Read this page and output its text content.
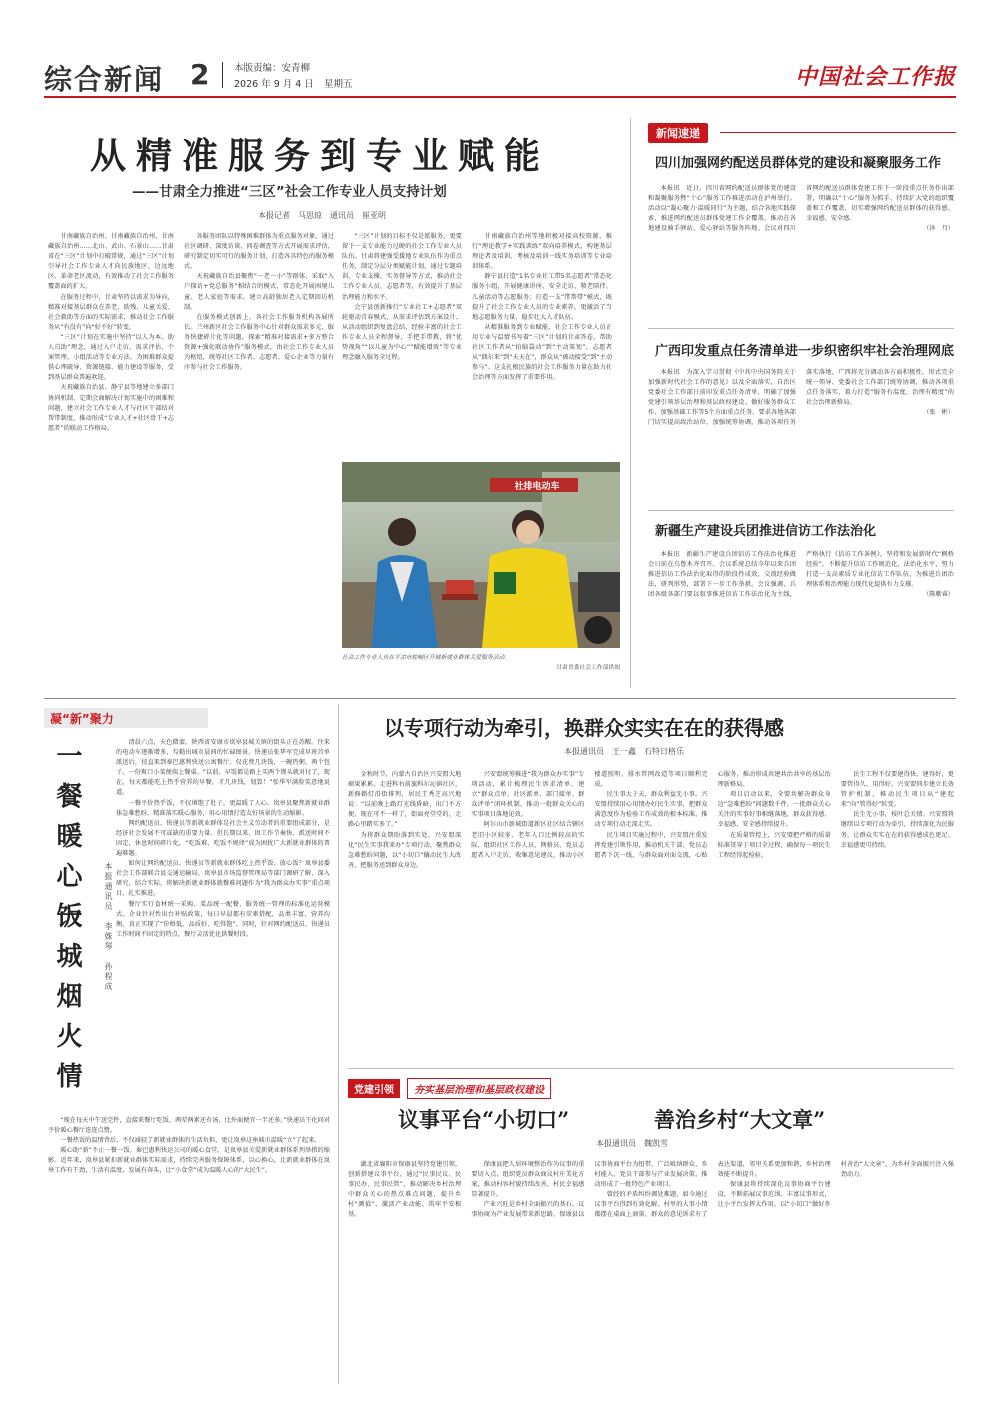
综合新闻 2 本版责编：安青柳
2026 年 9 月 4 日 星期五	中国社会工作报
从精准服务到专业赋能
——甘肃全力推进“三区”社会工作专业人员支持计划
本报记者　马思琼　通讯员　崔亚明

甘南藏族自治州、甘南藏族自治州、甘南藏族自治州……北山、武山、石景山……甘肃省在“三区”计划中打破常规，通过“三区”计划引导社会工作专业人才向民族地区、边远地区、革命老区流动，有效推动了社会工作服务覆盖面的扩大。

在服务过程中，甘肃坚持以需求为导向，精准对接基层群众在养老、助残、儿童关爱、社会救助等方面的实际需求，推动社会工作服务从“有没有”向“好不好”转变。

“三区”计划在实施中坚持“以人为本、助人自助”理念，通过入户走访、需求评估、个案管理、小组活动等专业方法，为困难群众提供心理疏导、资源链接、能力建设等服务，受到基层群众普遍欢迎。

天祝藏族自治县、静宁县等地建立多部门协同机制，定期会商解决计划实施中的困难和问题，建立社会工作专业人才与社区干部结对帮带制度，推动形成“专业人才+社区骨干+志愿者”的联动工作格局。

各服务团队以特殊困难群体为重点服务对象，通过社区调研、深度访谈、问卷调查等方式开展需求评估，研究制定切实可行的服务计划，打造各具特色的服务模式。

天祝藏族自治县聚焦“一老一小”等群体，采取“入户探访+党总服务”相结合的模式，常态化开展困境儿童、老人家庭等需求，建立高龄独居老人定期回访机制。

在服务模式创新上，各社会工作服务机构各展所长。兰州新区社会工作服务中心针对群众需求多元、服务快捷碎片化等问题，探索“精准对接需求+多方整合资源+强化联动协作”服务模式，由社会工作专业人员为枢纽，统筹社区工作者、志愿者、爱心企业等力量有序参与社会工作服务。

“三区”计划的目标不仅是派服务，更要留下一支专业能力过硬的社会工作专业人员队伍。甘肃将建强受援地专业队伍作为重点任务，制定分层分类赋能计划，通过专题培训、专业支撑、实务督导等方式，推动社会工作专业人员、志愿者等，有效提升了基层治理能力和水平。

会宁县创新推行“专业社工+志愿者”双轮驱动青春模式，从需求评估到方案设计、从活动组织到复盘总结，经验丰富的社会工作专业人员全程督导、手把手带教，将“优势视角”“以儿童为中心”“赋能增效”等专业理念融入服务全过程。

甘南藏族自治州等地积极对接高校资源，推行“理论教学+实践训练”双向培养模式，构建基层理论者及培训、考核及培训一线实务培训等专业培训体系。

静宁县打造“1名专业社工带5名志愿者”常态化服务小组，开展健康讲座、安全走访、敬老陪伴、儿童活动等志愿服务；打造一支“带帮带”模式，既提升了社会工作专业人员的专业素养，更激活了当地志愿服务力量，稳步壮大人才队伍。

从精准服务到专业赋能，社会工作专业人员正用专业与温情书写着“三区”计划的甘肃答卷，帮助社区工作者从“拍脑袋动”到“主动策划”，志愿者从“偶尔来”到“天天在”，群众从“被动接受”到“主动参与”。这支扎根民族的社会工作服务力量在助力社会治理等方面发挥了重要作用。

社排电动车
社会工作专业人员在平凉市崆峒区开展新就业群体关爱服务活动。
甘肃省委社会工作部供图
新闻速递
四川加强网约配送员群体党的建设和凝聚服务工作

本报讯　近日，四川省网约配送员群体党的建设和凝聚服务暨“十心”服务工作推进活动在泸州举行。活动以“凝心聚力·温暖同行”为主题，结合各地实践探索，推进网约配送员群体党建工作全覆盖，推动在各地建设骑手驿站、爱心驿站等服务阵地。会议对四川省网约配送员群体党建工作下一阶段重点任务作出部署，明确以“十心”服务为抓手，持续扩大党的组织覆盖和工作覆盖，切实增强网约配送员群体的获得感、幸福感、安全感。

（沐　月）
广西印发重点任务清单进一步织密织牢社会治理网底

本报讯　为深入学习贯彻《中共中央国务院关于加强新时代社会工作的意见》以及全面落实，自治区党委社会工作部日前印发重点任务清单，明确了加强党建引领基层治理和基层政权建设、做好服务群众工作、加强基础工作等5个方面重点任务。要求各地各部门切实提高政治站位，加强统筹协调，推动各项任务落实落地。广西将充分调动各方面积极性，形式完全统一领导、党委社会工作部门统筹协调，推动各项重点任务落实，着力打造“服务有温度、治理有精度”的社会治理新格局。

（张　彬）
新疆生产建设兵团推进信访工作法治化

本报讯　新疆生产建设兵团信访工作法治化推进会日前在乌鲁木齐召开。会议系统总结今年以来兵团推进信访工作法治化取得的阶段性成效，交流经验做法，研判形势，部署下一步工作举措。会议强调，兵团各级各部门要以叙事推进信访工作法治化为主线，严格执行《信访工作条例》，坚持和发展新时代“枫桥经验”，不断提升信访工作规范化、法治化水平，努力打造一支高素质专业化信访工作队伍，为推进兵团治理体系和治理能力现代化提供有力支撑。

（陈紫睿）
凝“新”聚力
一餐暖心饭
一城烟火情	本报通讯员　李姝琴　孙程成

清晨六点，天色微蒙，陕西省安康市岚皋县城关镇的街头正在苏醒。往来的电动车逐渐增多，勾勒出城市晨间的忙碌图景。快递员张华军完成早班首单派送后，径直来到秦巴惠利快送公寓餐厅。仅花费几块钱，一碗热粥、两个包子、一份爽口小菜便端上餐桌。“以前，早饭都是路上买两个馒头就对付了，现在，每天都能吃上热乎营养的早餐，才几块钱，划算！”张华军满脸笑意地说道。

一餐平价热乎饭，不仅填饱了肚子，更温暖了人心。岚皋县聚焦新就业群体急难愁盼，精准落实暖心服务，用心用情打造友好场景的生动缩影。

网约配送员、快递员等新就业群体是社会主义劳动者的重要组成部分，是经济社会发展不可或缺的重要力量。但长期以来，因工作节奏快、派送时间不固定，休息时间碎片化，“吃饭难、吃饭不规律”成为困扰广大新就业群体的普遍难题。

如何让网约配送员、快递员等新就业群体吃上热乎饭、放心饭？岚皋县委社会工作部联合县交通运输局、岚皋县市场监督管理局等部门调研了解，深入研究，结合实际，将解决新就业群体就餐难问题作为“我为群众办实事”重点项目，扎实推进。

餐厅实行食材统一采购、菜品统一配餐、服务统一管理的标准化运营模式。企业针对性出台补贴政策，每日早晨都有荤素搭配，品类丰富、营养均衡，真正实现了“价格低、品质好、吃得饱”。同时，针对网约配送员、快递员工作时间不固定的特点，餐厅灵活优化供餐时段。

“现在每天中午送完件，直接来餐厅吃饭，两荤两素还有汤，比外面便宜一半还多。”快递员王化同对平价暖心餐厅连连点赞。

一餐热饭的温情背后，不仅减轻了新就业群体的生活负担，更让岚皋这座城市温暖“立”了起来。

暖心助“新”不止一餐一饭。秦巴惠利快运公司的暖心食堂，是岚皋县关爱新就业群体系列举措的缩影。近年来，岚皋县紧扣新就业群体实际需求，持续完善服务保障体系，以心换心，让新就业群体在岚皋工作有干劲、生活有温度、发展有奔头，让“小食堂”成为温暖人心的“大民生”。

以专项行动为牵引，换群众实实在在的获得感
本报通讯员　王一鑫　石特日格乐

金秋时节，内蒙古自治区兴安盟大地硕果累累。走进科右前旗科尔沁镇社区，新修路灯沿街排列，居民王秀芝高兴地说：“以前晚上路灯光线昏暗，出门不方便，现在可不一样了，街面亮堂堂的，走路心里踏实多了。”

为将群众期盼落到实处，兴安盟深化“民生实事我来办”专项行动，聚焦群众急难愁盼问题，以“小切口”撬动民生大改善，把服务送到群众身边。

兴安盟统筹推进“我为群众办实事”专项活动，累计梳理民生诉求清单，建立“群众点单、社区派单、部门接单、群众评单”闭环机制，推动一批群众关心的实事项目落地见效。

阿尔山市新城街道新区社区结合辖区老旧小区较多、老年人口比例较高的实际，组织社区工作人员、网格员、党员志愿者入户走访，收集意见建议，推动小区楼道照明、排水管网改造等项目顺利完成。

民生事大于天，群众利益无小事。兴安盟持续用心用情办好民生实事，把群众满意度作为检验工作成效的根本标准，推动专项行动走深走实。

民生项目实施过程中，兴安盟注重发挥党建引领作用，推动机关干部、党员志愿者下沉一线，与群众面对面交流，心贴心服务，推动形成共建共治共享的基层治理新格局。

项目启动以来，全盟共解决群众身边“急难愁盼”问题数千件，一批群众关心关注的实事好事相继落地，群众获得感、幸福感、安全感持续提升。

在质量管控上，兴安盟把严格的质量标准贯穿于项目全过程，确保每一项民生工程经得起检验。

民生工程不仅要建得快、建得好，更要管得久、用得好。兴安盟同步建立长效管护机制，推动民生项目从“建起来”向“管得好”转变。

民生无小事，枝叶总关情。兴安盟将继续以专项行动为牵引，持续深化为民服务，让群众实实在在的获得感成色更足、幸福感更可持续。

党建引领 夯实基层治理和基层政权建设
议事平台“小切口”	善治乡村“大文章”
本报通讯员　魏凯雪

湖北省襄阳市保康县坚持党建引领，创新搭建议事平台，通过“民事民议、民事民办、民事民管”，推动解决乡村治理中群众关心的热点难点问题，提升乡村“颜值”、激活产业动能、筑牢平安根基。

保康县把人居环境整治作为议事的重要切入点，组织党员群众商议村庄美化方案，推动村容村貌持续改善，村民幸福感显著提升。

产业兴旺是乡村全面振兴的基石。议事协商为产业发展带来新思路，保康县以议事协商平台为纽带，广泛吸纳群众、乡村能人、党员干部参与产业发展决策，推动形成了一批特色产业项目。

曾经的矛盾纠纷调处难题，如今通过议事平台得到有效化解。村里的大事小情都摆在桌面上商量，群众的意见诉求有了表达渠道，邻里关系更加和谐，乡村治理效能不断提升。

保康县将持续深化议事协商平台建设，不断拓展议事范围、丰富议事形式，让小平台发挥大作用，以“小切口”做好乡村善治“大文章”，为乡村全面振兴注入强劲动力。
